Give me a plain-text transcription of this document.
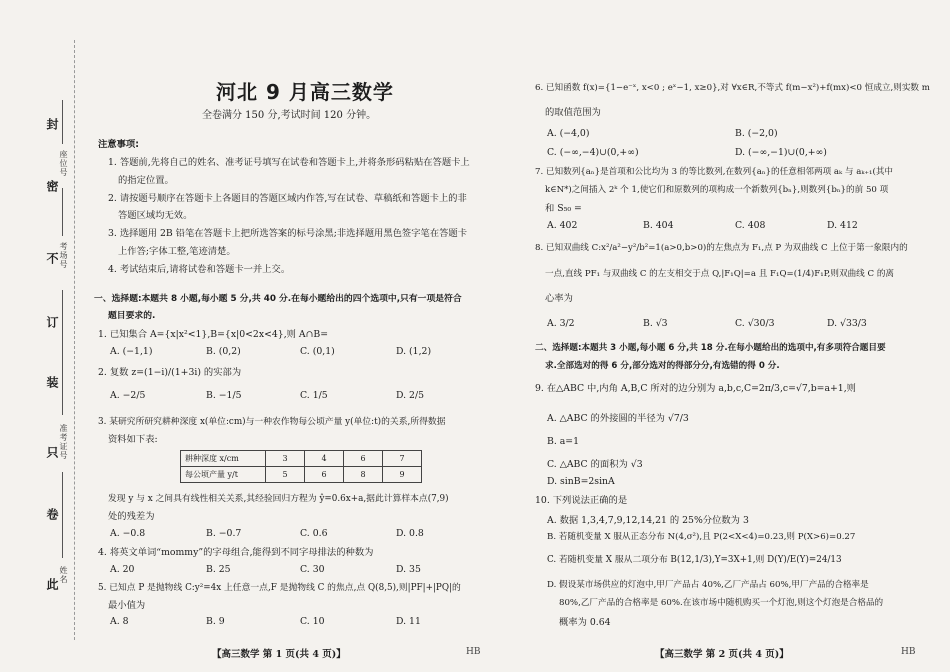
封
密
不
订
装
只
卷
此
座位号
考场号
准考证号
姓名
河北 9 月高三数学
全卷满分 150 分,考试时间 120 分钟。
注意事项:
1. 答题前,先将自己的姓名、准考证号填写在试卷和答题卡上,并将条形码粘贴在答题卡上
的指定位置。
2. 请按题号顺序在答题卡上各题目的答题区域内作答,写在试卷、草稿纸和答题卡上的非
答题区域均无效。
3. 选择题用 2B 铅笔在答题卡上把所选答案的标号涂黑;非选择题用黑色签字笔在答题卡
上作答;字体工整,笔迹清楚。
4. 考试结束后,请将试卷和答题卡一并上交。
一、选择题:本题共 8 小题,每小题 5 分,共 40 分.在每小题给出的四个选项中,只有一项是符合
题目要求的.
1. 已知集合 A={x|x²<1},B={x|0<2x<4},则 A∩B=
A. (−1,1)	B. (0,2)	C. (0,1)	D. (1,2)
2. 复数 z=(1−i)/(1+3i) 的实部为
A. −2/5	B. −1/5	C. 1/5	D. 2/5
3. 某研究所研究耕种深度 x(单位:cm)与一种农作物每公顷产量 y(单位:t)的关系,所得数据
资料如下表:
耕种深度 x/cm	3	4	6	7
每公顷产量 y/t	5	6	8	9
发现 y 与 x 之间具有线性相关关系,其经验回归方程为 ŷ=0.6x+a,据此计算样本点(7,9)
处的残差为
A. −0.8	B. −0.7	C. 0.6	D. 0.8
4. 将英文单词“mommy”的字母组合,能得到不同字母排法的种数为
A. 20	B. 25	C. 30	D. 35
5. 已知点 P 是抛物线 C:y²=4x 上任意一点,F 是抛物线 C 的焦点,点 Q(8,5),则|PF|+|PQ|的
最小值为
A. 8	B. 9	C. 10	D. 11
【高三数学 第 1 页(共 4 页)】	HB
6. 已知函数 f(x)={1−e⁻ˣ, x<0 ; eˣ−1, x≥0},对 ∀x∈R,不等式 f(m−x²)+f(mx)<0 恒成立,则实数 m
的取值范围为
A. (−4,0)	B. (−2,0)
C. (−∞,−4)∪(0,+∞)	D. (−∞,−1)∪(0,+∞)
7. 已知数列{aₙ}是首项和公比均为 3 的等比数列,在数列{aₙ}的任意相邻两项 aₖ 与 aₖ₊₁(其中
k∈N*)之间插入 2ᵏ 个 1,使它们和原数列的项构成一个新数列{bₙ},则数列{bₙ}的前 50 项
和 S₅₀ =
A. 402	B. 404	C. 408	D. 412
8. 已知双曲线 C:x²/a²−y²/b²=1(a>0,b>0)的左焦点为 F₁,点 P 为双曲线 C 上位于第一象限内的
一点,直线 PF₁ 与双曲线 C 的左支相交于点 Q,|F₁Q|=a 且 F₁Q=(1/4)F₁P,则双曲线 C 的离
心率为
A. 3/2	B. √3	C. √30/3	D. √33/3
二、选择题:本题共 3 小题,每小题 6 分,共 18 分.在每小题给出的选项中,有多项符合题目要
求.全部选对的得 6 分,部分选对的得部分分,有选错的得 0 分.
9. 在△ABC 中,内角 A,B,C 所对的边分别为 a,b,c,C=2π/3,c=√7,b=a+1,则
A. △ABC 的外接圆的半径为 √7/3
B. a=1
C. △ABC 的面积为 √3
D. sinB=2sinA
10. 下列说法正确的是
A. 数据 1,3,4,7,9,12,14,21 的 25%分位数为 3
B. 若随机变量 X 服从正态分布 N(4,σ²),且 P(2<X<4)=0.23,则 P(X>6)=0.27
C. 若随机变量 X 服从二项分布 B(12,1/3),Y=3X+1,则 D(Y)/E(Y)=24/13
D. 假设某市场供应的灯泡中,甲厂产品占 40%,乙厂产品占 60%,甲厂产品的合格率是
80%,乙厂产品的合格率是 60%.在该市场中随机购买一个灯泡,则这个灯泡是合格品的
概率为 0.64
【高三数学 第 2 页(共 4 页)】	HB
